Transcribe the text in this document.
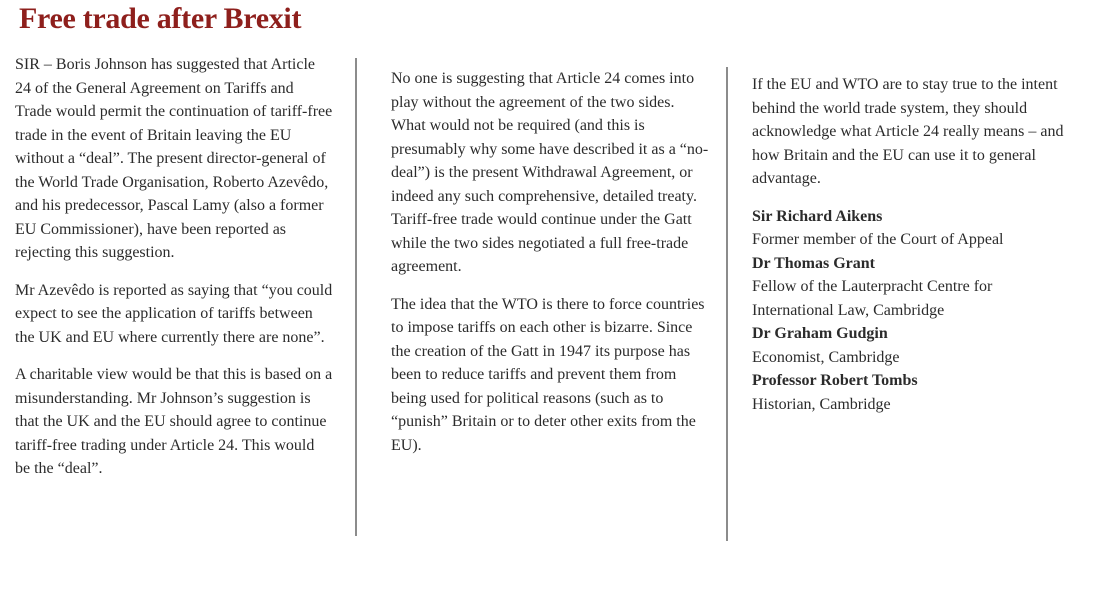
Free trade after Brexit

SIR – Boris Johnson has suggested that Article 24 of the General Agreement on Tariffs and Trade would permit the continuation of tariff-free trade in the event of Britain leaving the EU without a “deal”. The present director-general of the World Trade Organisation, Roberto Azevêdo, and his predecessor, Pascal Lamy (also a former EU Commissioner), have been reported as rejecting this suggestion.

Mr Azevêdo is reported as saying that “you could expect to see the application of tariffs between the UK and EU where currently there are none”.

A charitable view would be that this is based on a misunderstanding. Mr Johnson’s suggestion is that the UK and the EU should agree to continue tariff-free trading under Article 24. This would be the “deal”.

No one is suggesting that Article 24 comes into play without the agreement of the two sides. What would not be required (and this is presumably why some have described it as a “no-deal”) is the present Withdrawal Agreement, or indeed any such comprehensive, detailed treaty. Tariff-free trade would continue under the Gatt while the two sides negotiated a full free-trade agreement.

The idea that the WTO is there to force countries to impose tariffs on each other is bizarre. Since the creation of the Gatt in 1947 its purpose has been to reduce tariffs and prevent them from being used for political reasons (such as to “punish” Britain or to deter other exits from the EU).

If the EU and WTO are to stay true to the intent behind the world trade system, they should acknowledge what Article 24 really means – and how Britain and the EU can use it to general advantage.

Sir Richard Aikens
Former member of the Court of Appeal
Dr Thomas Grant
Fellow of the Lauterpracht Centre for International Law, Cambridge
Dr Graham Gudgin
Economist, Cambridge
Professor Robert Tombs
Historian, Cambridge
